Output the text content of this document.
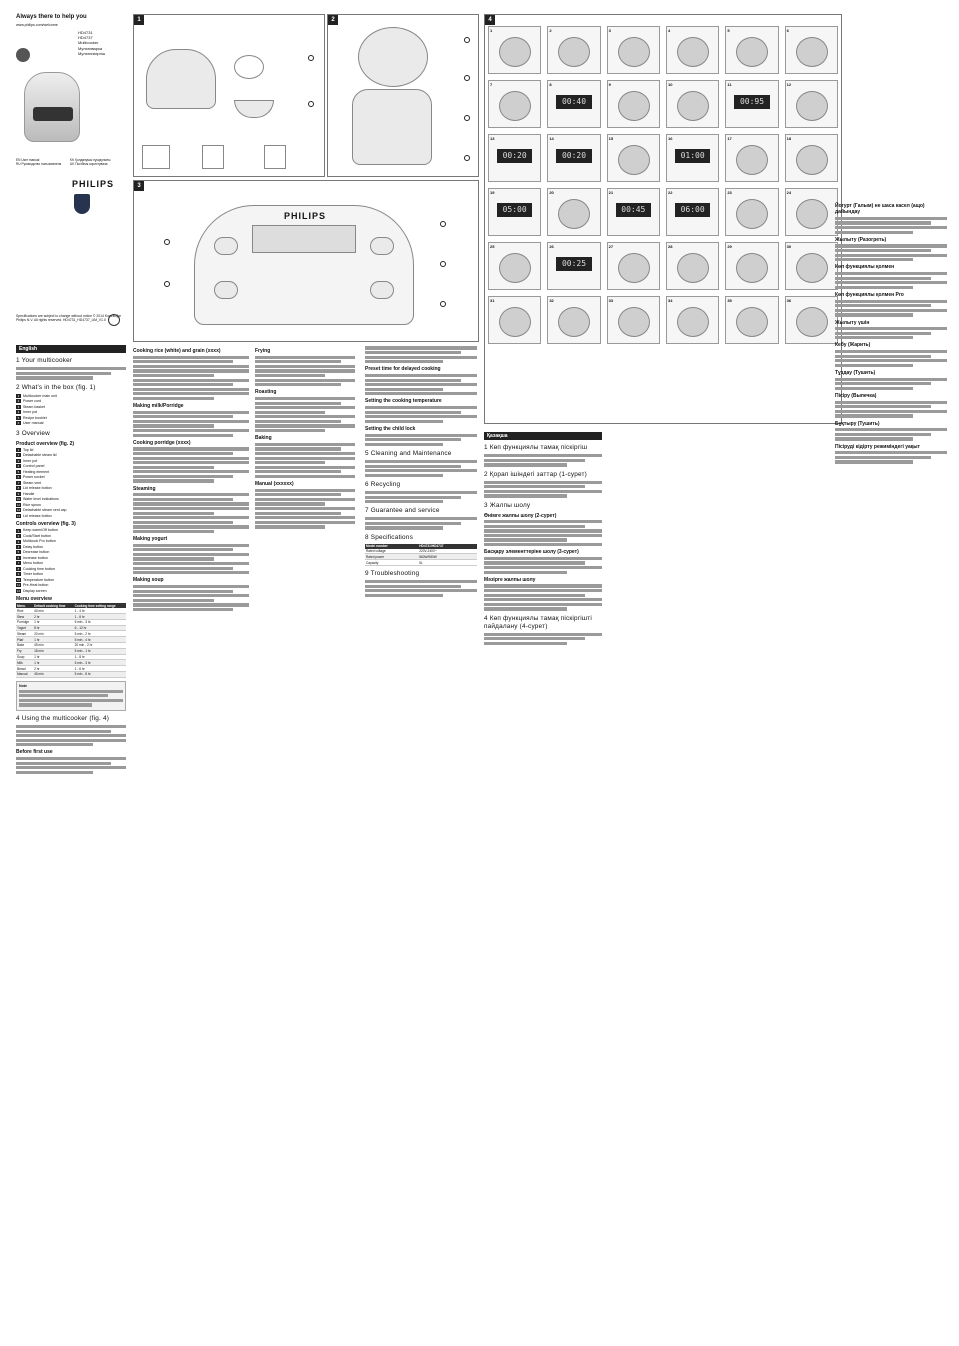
Always there to help you
www.philips.com/welcome
HD4731
HD4737
Multicooker
Мультиварка
Мультипісіргіш
EN User manual	KK Қолданушы нұсқаулығы RU Руководство пользователя	UK Посібник користувача
PHILIPS
Specifications are subject to change without notice © 2014 Koninklijke Philips N.V. All rights reserved. HD4731_HD4737_UM_V1.0
1	2
3
PHILIPS
4
1	2	3	4	5	6
7	8
00:40
9	10	11
00:95
12
13
00:20
14
00:20
15	16
01:00
17	18
19
05:00
20	21
00:45
22
06:00
23	24
25	26
00:25
27	28	29	30
31	32	33	34	35	36
English
1 Your multicooker
2 What's in the box (fig. 1)
1	Multicooker main unit
2	Power cord
3	Steam basket
4	Inner pot
5	Recipe booklet
6	User manual
3 Overview
Product overview (fig. 2)
1	Top lid
2	Detachable steam lid
3	Inner pot
4	Control panel
5	Heating element
6	Power socket
7	Steam vent
8	Lid release button
9	Handle
10 Water level indications
11 Rice spoon
12 Detachable steam vent cap
13 Lid release button
Controls overview (fig. 3)
1	Keep warm/Off button
2	Cook/Start button
3	Multicook Pro button
4	Delay button
5	Decrease button
6	Increase button
7	Menu button
8	Cooking time button
9	Timer button
10 Temperature button
11 Pre-Heat button
12 Display screen
Menu overview
Menu	Default cooking time	Cooking time setting range
Rice	40 min	1 - 4 hr
Stew	2 hr	1 - 8 hr
Porridge	1 hr	5 min - 3 hr
Yogurt	8 hr	6 - 12 hr
Steam	20 min	5 min - 2 hr
Pilaf	1 hr	5 min - 4 hr
Bake	45 min	20 min - 2 hr
Fry	18 min	5 min - 1 hr
Soup	1 hr	1 - 8 hr
Milk	1 hr	5 min - 3 hr
Bread	2 hr	1 - 6 hr
Manual	45 min	5 min - 8 hr
Note
4 Using the multicooker (fig. 4)
Before first use
Cooking rice (white) and grain (xxxx)
Making milk/Porridge
Cooking porridge (xxxx)
Steaming
Making yogurt
Making soup
Frying
Roasting
Baking
Manual (xxxxxx)
Preset time for delayed cooking
Setting the cooking temperature
Setting the child lock
5 Cleaning and Maintenance
6 Recycling
7 Guarantee and service
8 Specifications
Model number	HD4731/HD4737
Rated voltage	220V-240V~
Rated power	860W/980W
Capacity	5L
9 Troubleshooting
Қазақша
1 Көп функциялы тамақ піскіргіш
2 Қорап ішіндегі заттар (1-сурет)
3 Жалпы шолу
Өнімге жалпы шолу (2-сурет)
Басқару элементтеріне шолу (3-сурет)
Мәзірге жалпы шолу
4 Көп функциялы тамақ піскіргішті пайдалану (4-сурет)
Йогурт (Галым) не шаса касел (ащо) дайындау
Жылыту (Разогреть)
Көп функциялы қолмен
Көп функциялы қолмен Pro
Жылыту үшін
Кебу (Жарить)
Тұздау (Тушить)
Пісіру (Выпечка)
Бұқтыру (Тушить)
Пісіруді кідірту режиміндегі уақыт
